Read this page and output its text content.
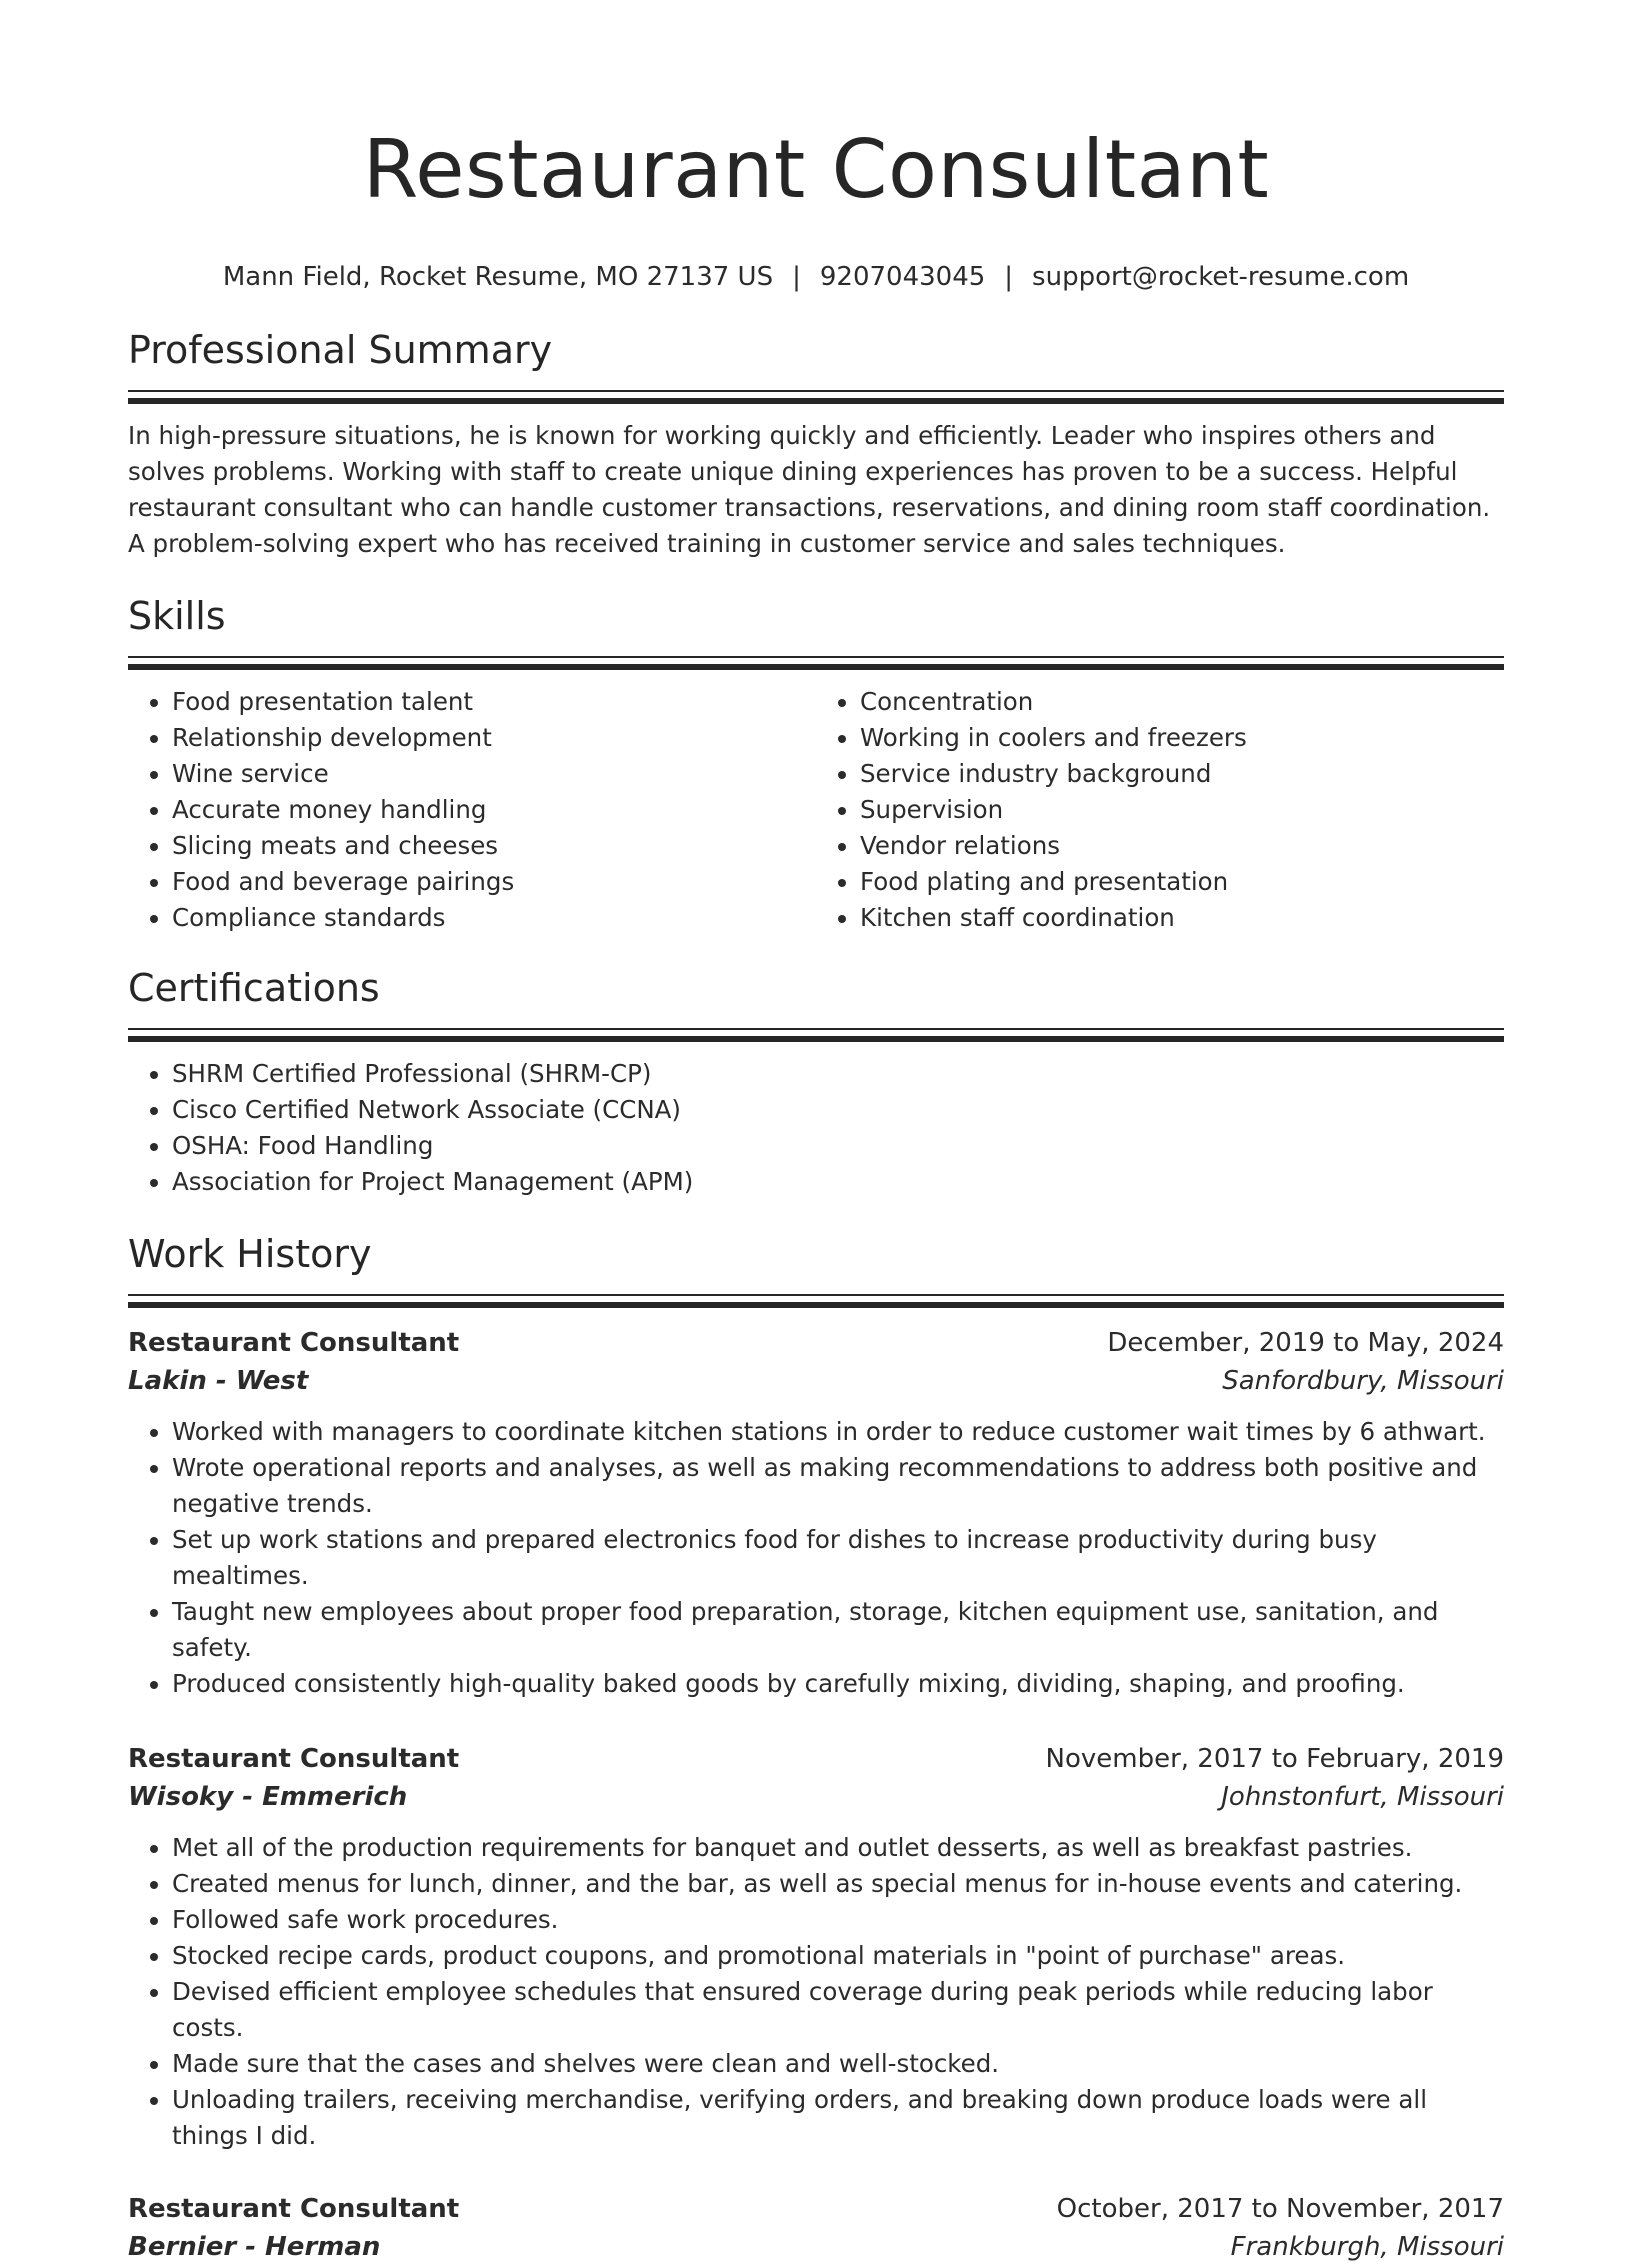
Restaurant Consultant
Mann Field, Rocket Resume, MO 27137 US | 9207043045 | support@rocket-resume.com
Professional Summary

In high-pressure situations, he is known for working quickly and efficiently. Leader who inspires others and solves problems. Working with staff to create unique dining experiences has proven to be a success. Helpful restaurant consultant who can handle customer transactions, reservations, and dining room staff coordination. A problem-solving expert who has received training in customer service and sales techniques.

Skills
• Food presentation talent
• Relationship development
• Wine service
• Accurate money handling
• Slicing meats and cheeses
• Food and beverage pairings
• Compliance standards
• Concentration
• Working in coolers and freezers
• Service industry background
• Supervision
• Vendor relations
• Food plating and presentation
• Kitchen staff coordination
Certifications
• SHRM Certified Professional (SHRM-CP)
• Cisco Certified Network Associate (CCNA)
• OSHA: Food Handling
• Association for Project Management (APM)
Work History
Restaurant Consultant	December, 2019 to May, 2024
Lakin - West	Sanfordbury, Missouri
• Worked with managers to coordinate kitchen stations in order to reduce customer wait times by 6 athwart.
• Wrote operational reports and analyses, as well as making recommendations to address both positive and negative trends.
• Set up work stations and prepared electronics food for dishes to increase productivity during busy mealtimes.
• Taught new employees about proper food preparation, storage, kitchen equipment use, sanitation, and safety.
• Produced consistently high-quality baked goods by carefully mixing, dividing, shaping, and proofing.
Restaurant Consultant	November, 2017 to February, 2019
Wisoky - Emmerich	Johnstonfurt, Missouri
• Met all of the production requirements for banquet and outlet desserts, as well as breakfast pastries.
• Created menus for lunch, dinner, and the bar, as well as special menus for in-house events and catering.
• Followed safe work procedures.
• Stocked recipe cards, product coupons, and promotional materials in "point of purchase" areas.
• Devised efficient employee schedules that ensured coverage during peak periods while reducing labor costs.
• Made sure that the cases and shelves were clean and well-stocked.
• Unloading trailers, receiving merchandise, verifying orders, and breaking down produce loads were all things I did.
Restaurant Consultant	October, 2017 to November, 2017
Bernier - Herman	Frankburgh, Missouri
